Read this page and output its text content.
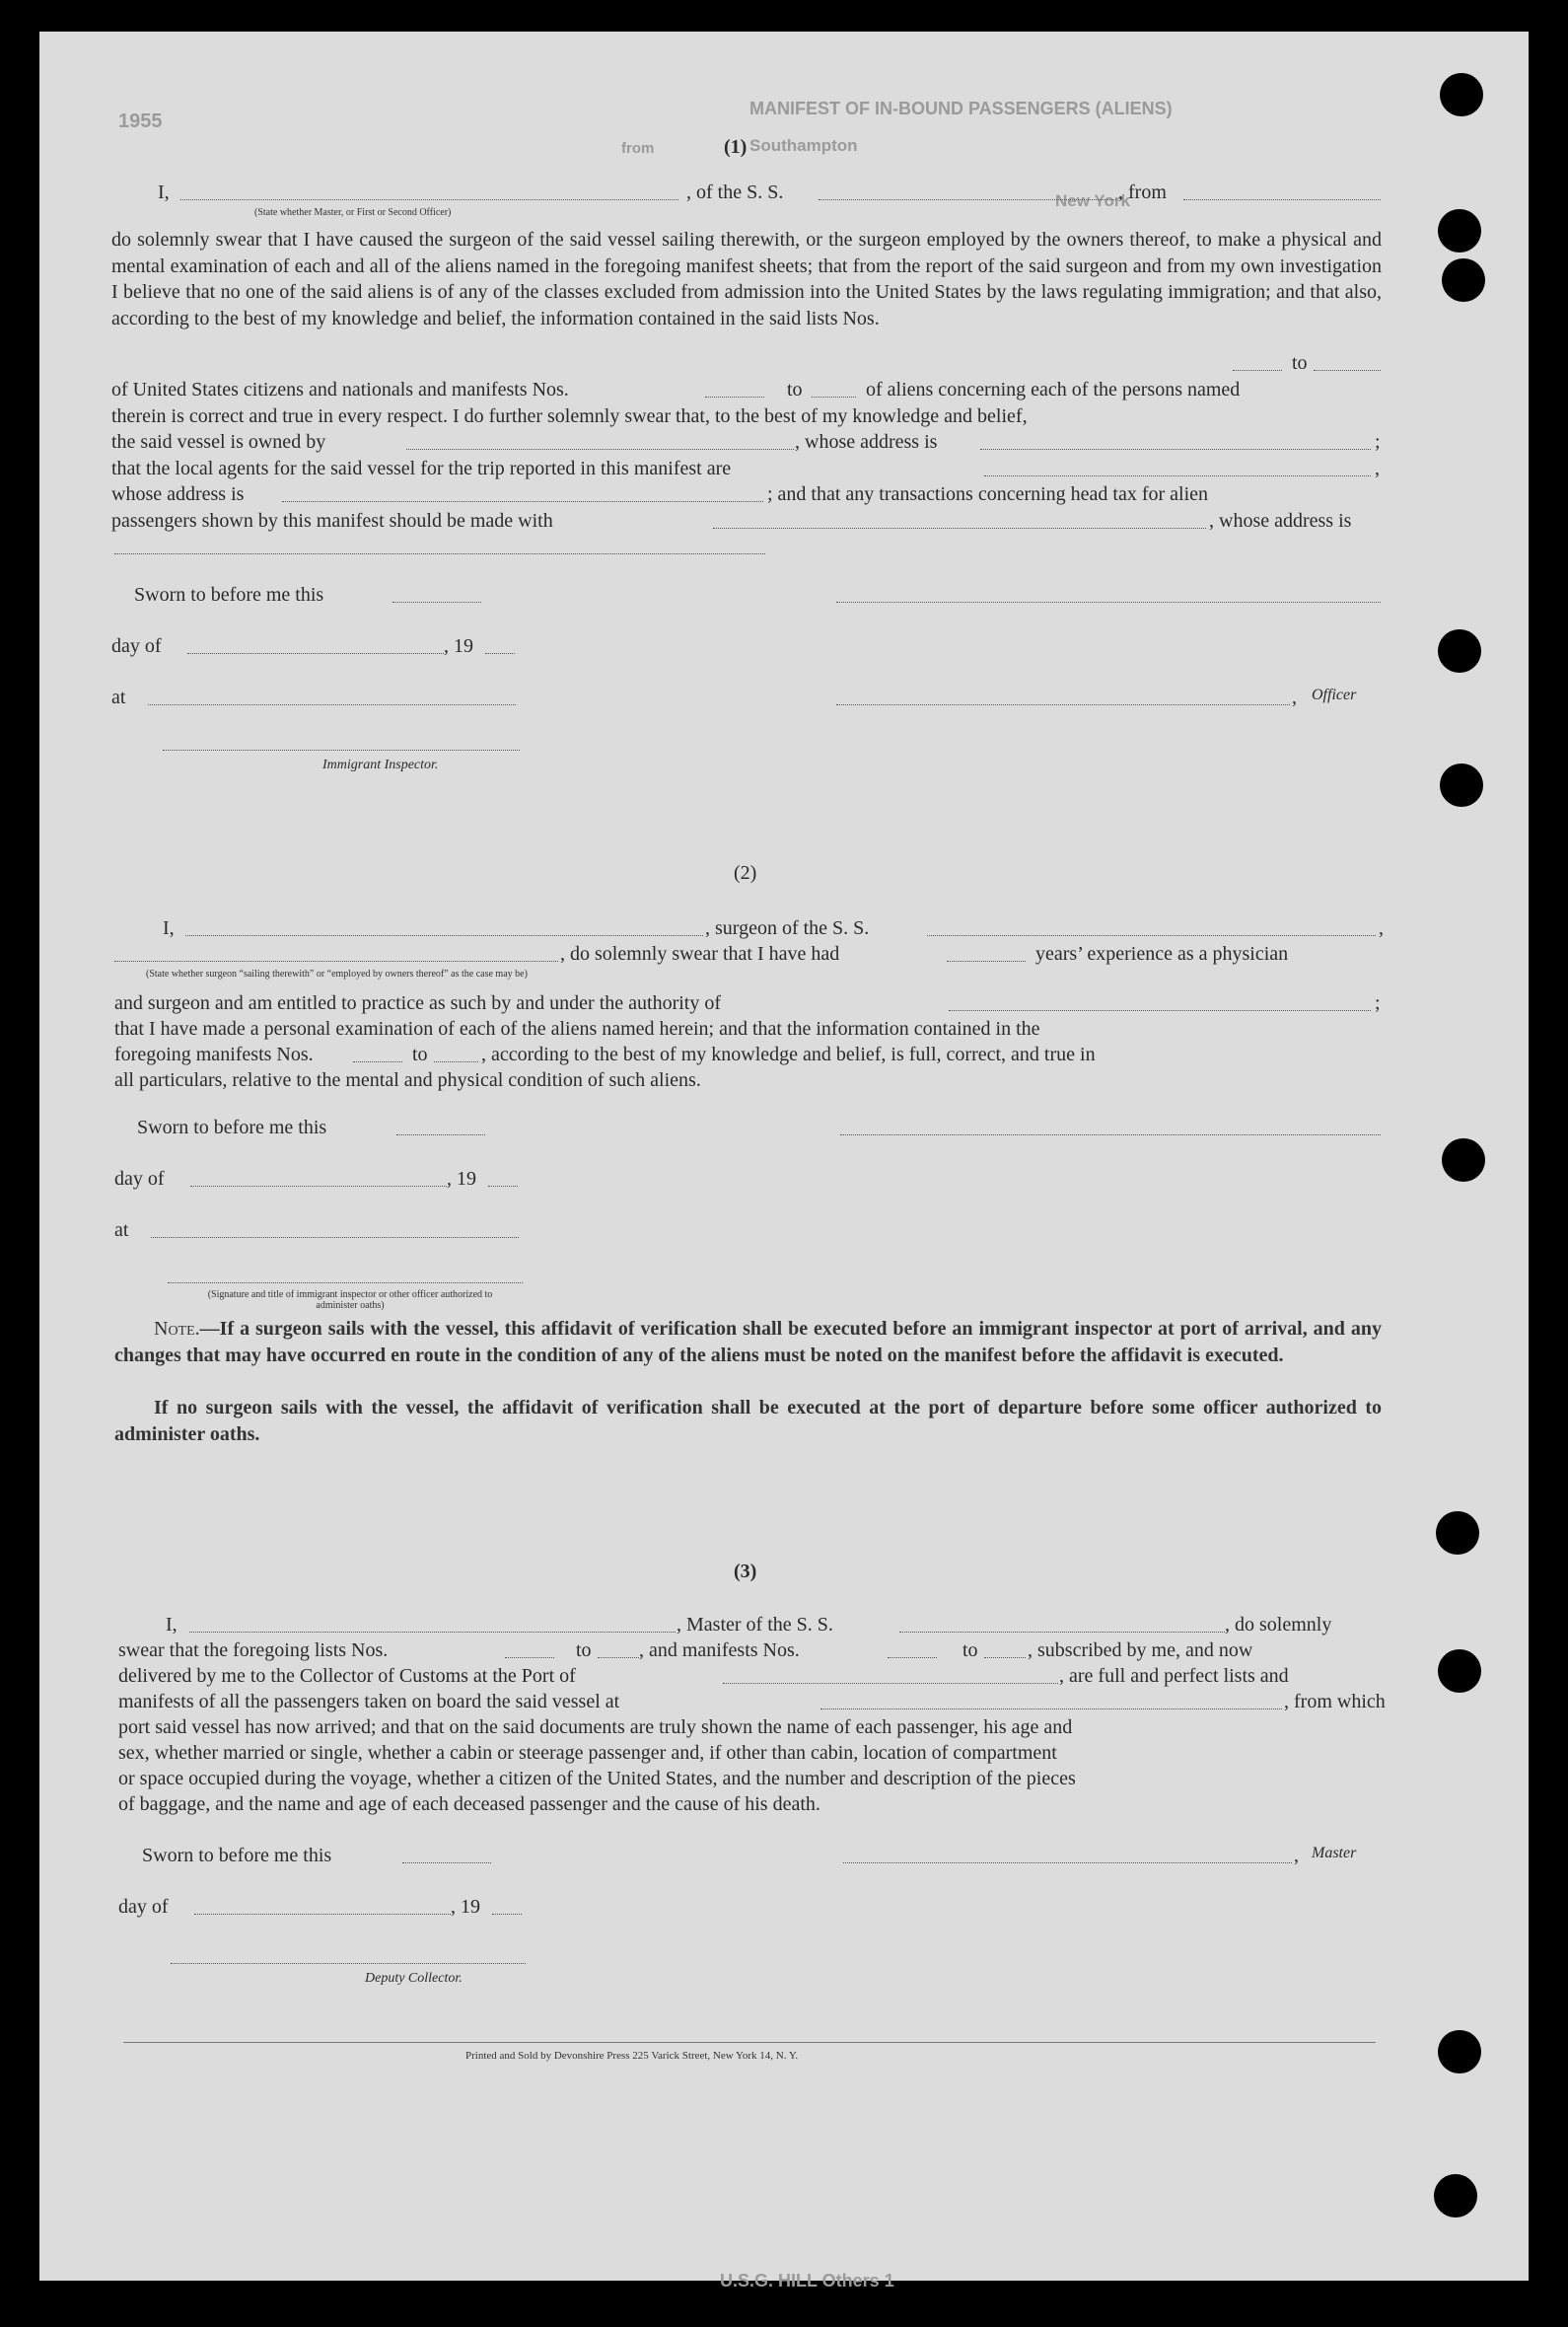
MANIFEST OF IN-BOUND PASSENGERS (ALIENS)
from	Southampton
New York
1955
U.S.G. HILL Others 1
(1)
I,	, of the S. S.	, from
(State whether Master, or First or Second Officer)
do solemnly swear that I have caused the surgeon of the said vessel sailing therewith, or the surgeon employed by the owners thereof, to make a physical and mental examination of each and all of the aliens named in the foregoing manifest sheets; that from the report of the said surgeon and from my own investigation I believe that no one of the said aliens is of any of the classes excluded from admission into the United States by the laws regulating immigration; and that also, according to the best of my knowledge and belief, the information contained in the said lists Nos.
to
of United States citizens and nationals and manifests Nos.	to	of aliens concerning each of the persons named
therein is correct and true in every respect. I do further solemnly swear that, to the best of my knowledge and belief,
the said vessel is owned by	, whose address is	;
that the local agents for the said vessel for the trip reported in this manifest are	,
whose address is	; and that any transactions concerning head tax for alien
passengers shown by this manifest should be made with	, whose address is
Sworn to before me this
day of	, 19
at	, Officer
Immigrant Inspector.
(2)
I,	, surgeon of the S. S.	,
, do solemnly swear that I have had	years’ experience as a physician
(State whether surgeon “sailing therewith” or “employed by owners thereof” as the case may be)
and surgeon and am entitled to practice as such by and under the authority of	;
that I have made a personal examination of each of the aliens named herein; and that the information contained in the
foregoing manifests Nos.	to	, according to the best of my knowledge and belief, is full, correct, and true in
all particulars, relative to the mental and physical condition of such aliens.
Sworn to before me this
day of	, 19
at
(Signature and title of immigrant inspector or other officer authorized to administer oaths)
Note.—If a surgeon sails with the vessel, this affidavit of verification shall be executed before an immigrant inspector at port of arrival, and any changes that may have occurred en route in the condition of any of the aliens must be noted on the manifest before the affidavit is executed.
If no surgeon sails with the vessel, the affidavit of verification shall be executed at the port of departure before some officer authorized to administer oaths.
(3)
I,	, Master of the S. S.	, do solemnly
swear that the foregoing lists Nos.	to , and manifests Nos.	to	, subscribed by me, and now
delivered by me to the Collector of Customs at the Port of	, are full and perfect lists and
manifests of all the passengers taken on board the said vessel at	, from which
port said vessel has now arrived; and that on the said documents are truly shown the name of each passenger, his age and
sex, whether married or single, whether a cabin or steerage passenger and, if other than cabin, location of compartment
or space occupied during the voyage, whether a citizen of the United States, and the number and description of the pieces
of baggage, and the name and age of each deceased passenger and the cause of his death.
Sworn to before me this	, Master
day of	, 19
Deputy Collector.
Printed and Sold by Devonshire Press 225 Varick Street, New York 14, N. Y.
